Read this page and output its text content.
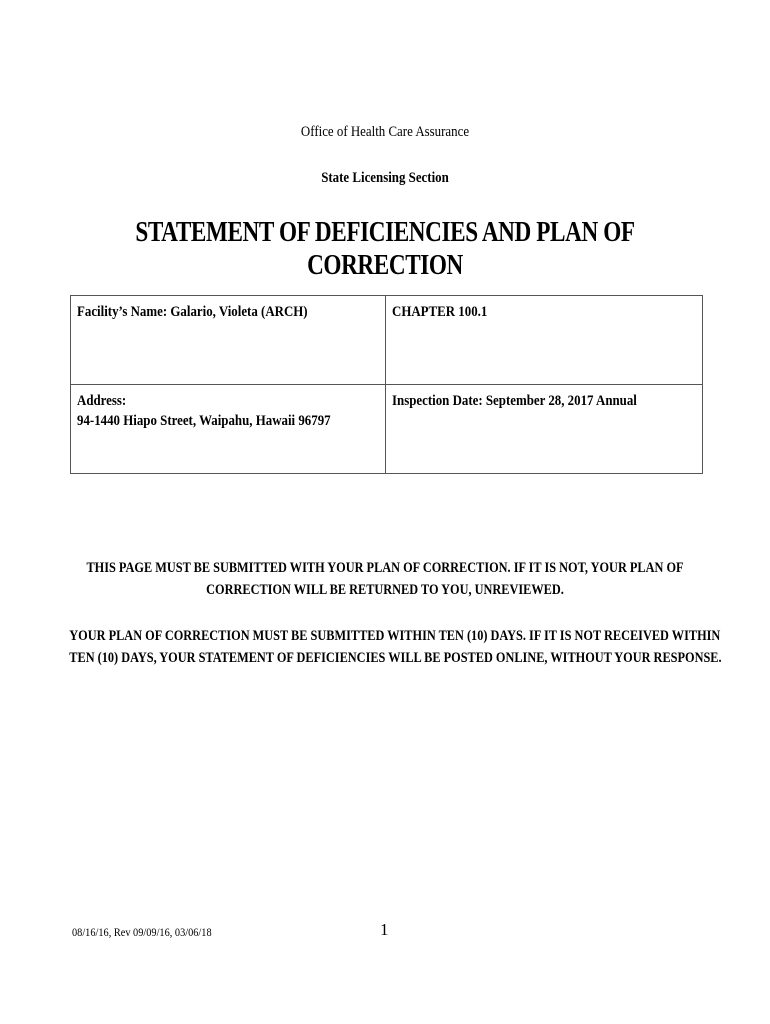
Office of Health Care Assurance
State Licensing Section
STATEMENT OF DEFICIENCIES AND PLAN OF CORRECTION
Facility’s Name: Galario, Violeta (ARCH)	CHAPTER 100.1
Address:
94-1440 Hiapo Street, Waipahu, Hawaii 96797	Inspection Date: September 28, 2017 Annual
THIS PAGE MUST BE SUBMITTED WITH YOUR PLAN OF CORRECTION. IF IT IS NOT, YOUR PLAN OF
CORRECTION WILL BE RETURNED TO YOU, UNREVIEWED.
YOUR PLAN OF CORRECTION MUST BE SUBMITTED WITHIN TEN (10) DAYS. IF IT IS NOT RECEIVED WITHIN
TEN (10) DAYS, YOUR STATEMENT OF DEFICIENCIES WILL BE POSTED ONLINE, WITHOUT YOUR RESPONSE.
08/16/16, Rev 09/09/16, 03/06/18	1
